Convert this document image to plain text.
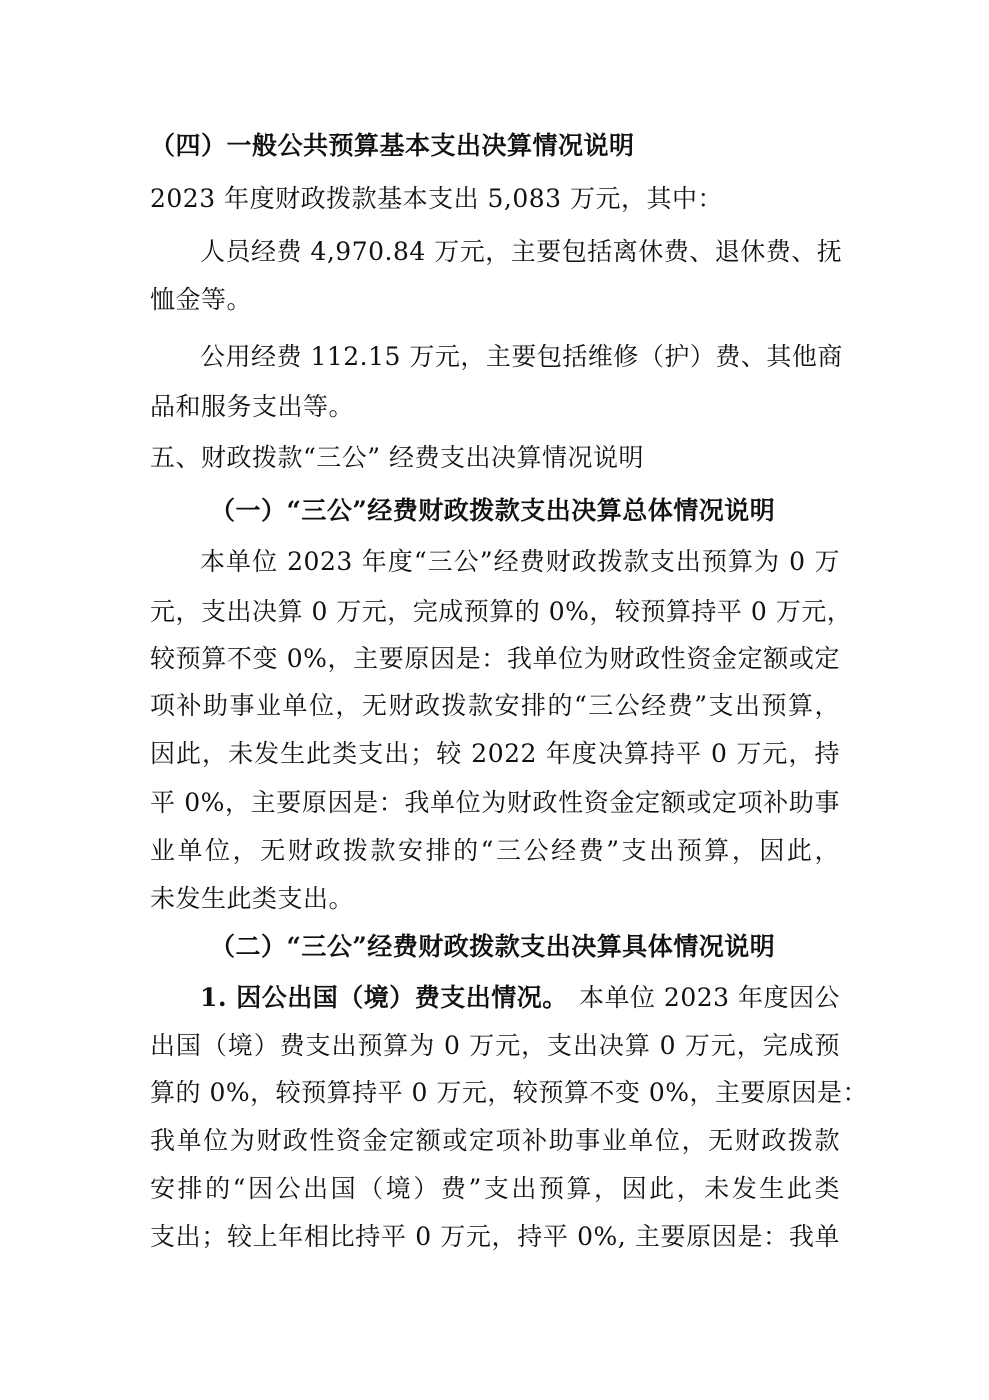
（四）一般公共预算基本支出决算情况说明
2023 年度财政拨款基本支出 5,083 万元，其中：
人员经费 4,970.84 万元，主要包括离休费、退休费、抚
恤金等。
公用经费 112.15 万元，主要包括维修（护）费、其他商
品和服务支出等。
五、财政拨款“三公” 经费支出决算情况说明
（一）“三公”经费财政拨款支出决算总体情况说明
本单位 2023 年度“三公”经费财政拨款支出预算为 0 万
元，支出决算 0 万元，完成预算的 0%，较预算持平 0 万元，
较预算不变 0%，主要原因是：我单位为财政性资金定额或定
项补助事业单位，无财政拨款安排的“三公经费”支出预算，
因此，未发生此类支出；较 2022 年度决算持平 0 万元，持
平 0%，主要原因是：我单位为财政性资金定额或定项补助事
业单位，无财政拨款安排的“三公经费”支出预算，因此，
未发生此类支出。
（二）“三公”经费财政拨款支出决算具体情况说明
1. 因公出国（境）费支出情况。 本单位 2023 年度因公
出国（境）费支出预算为 0 万元，支出决算 0 万元，完成预
算的 0%，较预算持平 0 万元，较预算不变 0%，主要原因是：
我单位为财政性资金定额或定项补助事业单位，无财政拨款
安排的“因公出国（境）费”支出预算，因此，未发生此类
支出；较上年相比持平 0 万元，持平 0%, 主要原因是：我单
